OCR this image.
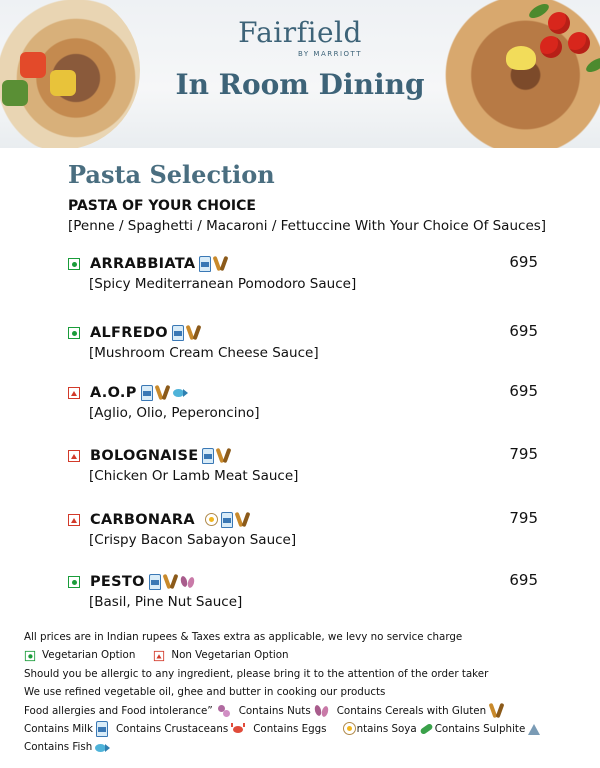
Fairfield
BY MARRIOTT
In Room Dining
Pasta Selection
PASTA OF YOUR CHOICE
[Penne / Spaghetti / Macaroni / Fettuccine With Your Choice Of Sauces]
ARRABBIATA	695
[Spicy Mediterranean Pomodoro Sauce]
ALFREDO	695
[Mushroom Cream Cheese Sauce]
A.O.P	695
[Aglio, Olio, Peperoncino]
BOLOGNAISE	795
[Chicken Or Lamb Meat Sauce]
CARBONARA	795
[Crispy Bacon Sabayon Sauce]
PESTO	695
[Basil, Pine Nut Sauce]
All prices are in Indian rupees & Taxes extra as applicable, we levy no service charge
Vegetarian Option	Non Vegetarian Option
Should you be allergic to any ingredient, please bring it to the attention of the order taker
We use refined vegetable oil, ghee and butter in cooking our products
Food allergies and Food intolerance”	Contains Nuts	Contains Cereals with Gluten
Contains Milk Contains Crustaceans Contains Eggs	ntains Soya Contains Sulphite
Contains Fish
